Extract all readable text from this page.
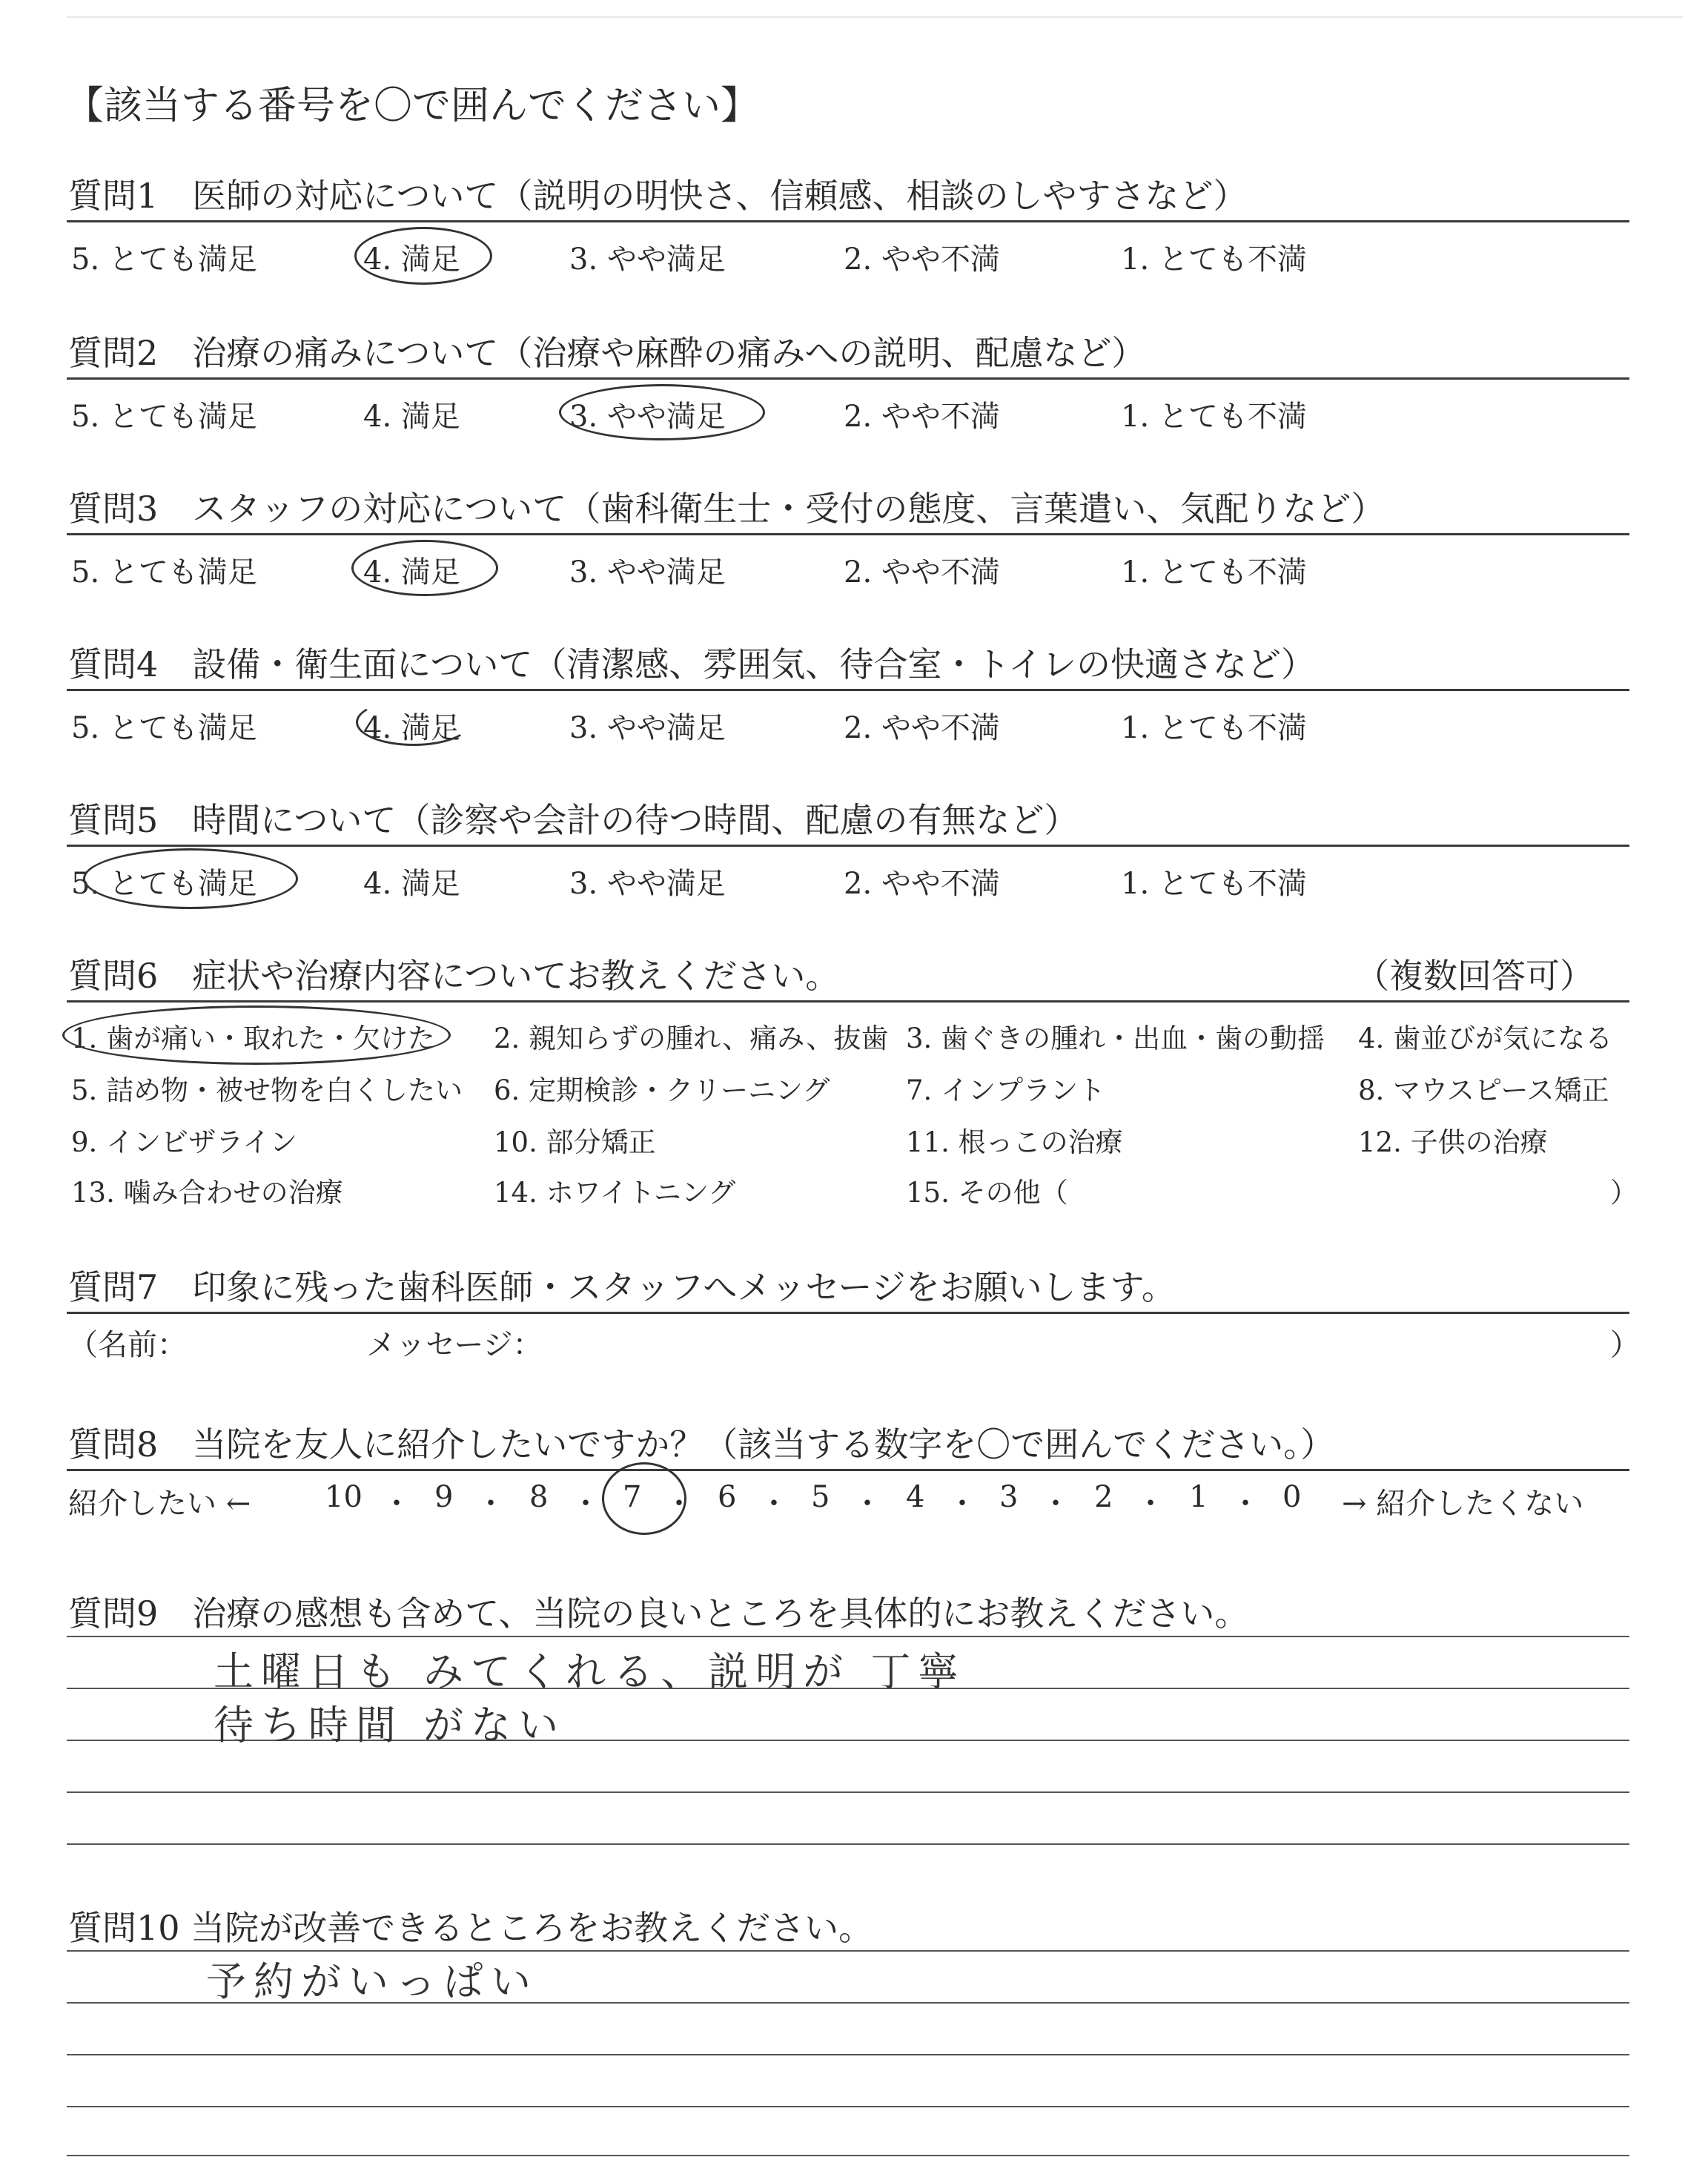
【該当する番号を〇で囲んでください】
質問1　医師の対応について（説明の明快さ、信頼感、相談のしやすさなど）
5. とても満足	4. 満足	3. やや満足	2. やや不満	1. とても不満
質問2　治療の痛みについて（治療や麻酔の痛みへの説明、配慮など）
5. とても満足	4. 満足	3. やや満足	2. やや不満	1. とても不満
質問3　スタッフの対応について（歯科衛生士・受付の態度、言葉遣い、気配りなど）
5. とても満足	4. 満足	3. やや満足	2. やや不満	1. とても不満
質問4　設備・衛生面について（清潔感、雰囲気、待合室・トイレの快適さなど）
5. とても満足	4. 満足	3. やや満足	2. やや不満	1. とても不満
質問5　時間について（診察や会計の待つ時間、配慮の有無など）
5. とても満足	4. 満足	3. やや満足	2. やや不満	1. とても不満
質問6　症状や治療内容についてお教えください。	（複数回答可）
1. 歯が痛い・取れた・欠けた 2. 親知らずの腫れ、痛み、抜歯 3. 歯ぐきの腫れ・出血・歯の動揺 4. 歯並びが気になる
5. 詰め物・被せ物を白くしたい 6. 定期検診・クリーニング	7. インプラント	8. マウスピース矯正
9. インビザライン	10. 部分矯正	11. 根っこの治療	12. 子供の治療
13. 噛み合わせの治療	14. ホワイトニング	15. その他（	）
質問7　印象に残った歯科医師・スタッフへメッセージをお願いします。
（名前：	メッセージ：	）
質問8　当院を友人に紹介したいですか？（該当する数字を〇で囲んでください。）
紹介したい ←	→ 紹介したくない
10 ・ 9 ・ 8 ・ 7 ・ 6 ・ 5 ・ 4 ・ 3 ・ 2 ・ 1 ・ 0
質問9　治療の感想も含めて、当院の良いところを具体的にお教えください。
土曜日も みてくれる、説明が 丁寧
待ち時間 がない
質問10 当院が改善できるところをお教えください。
予約がいっぱい
